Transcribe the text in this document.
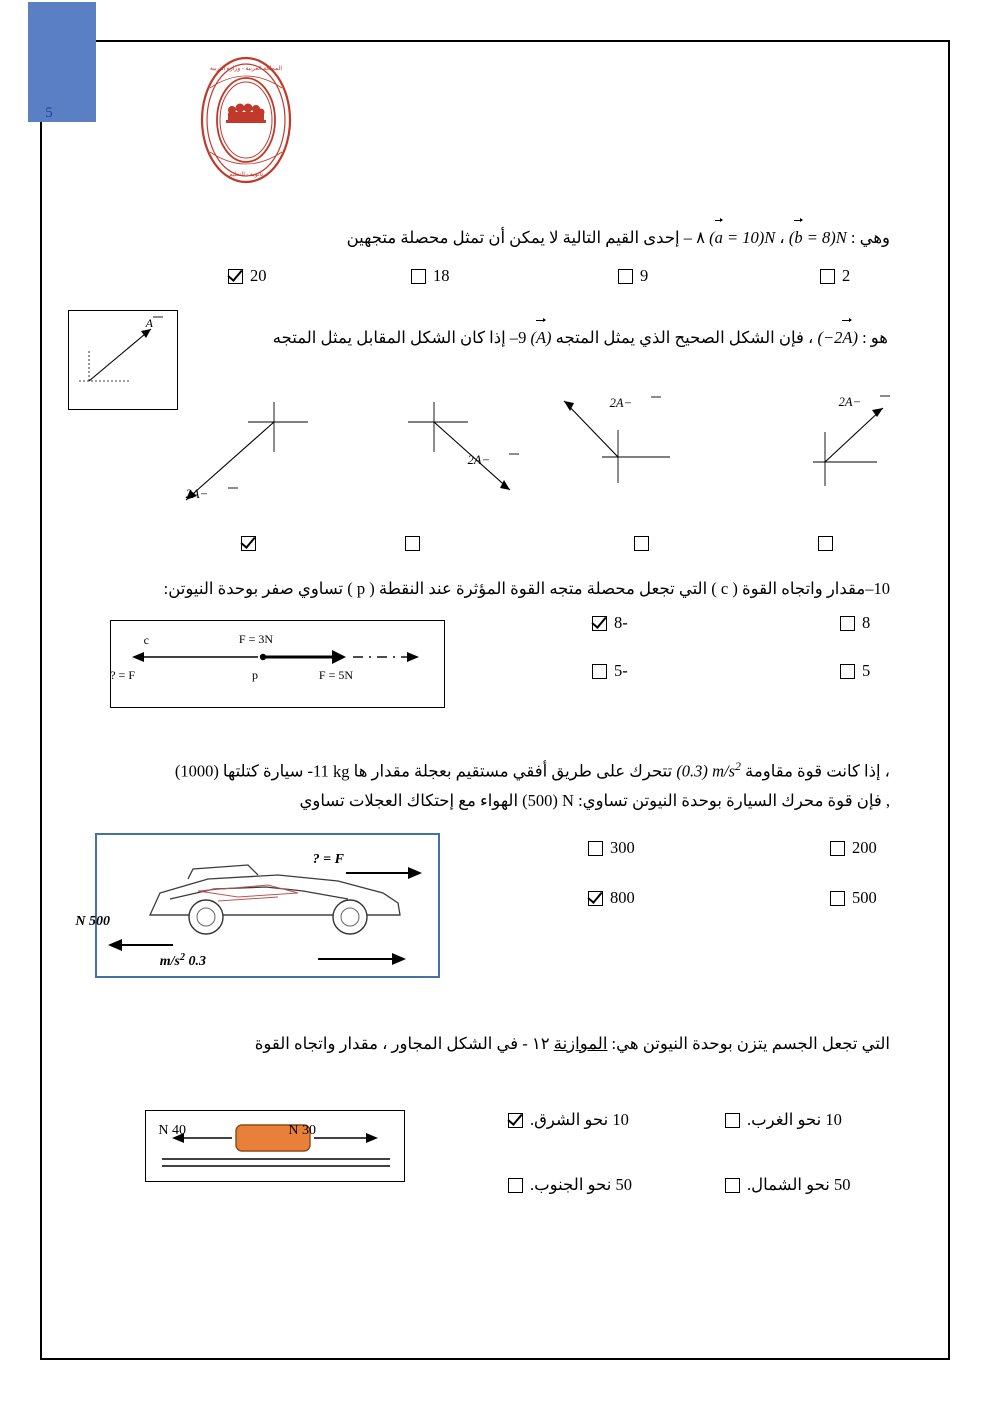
5
المملكة العربية - وزارة التربية
ثانوية - التعليم
وهي : (b = 8)N ، (a = 10)N ٨ – إحدى القيم التالية لا يمكن أن تمثل محصلة متجهين
2
9
18
20
هو : (−2A) ، فإن الشكل الصحيح الذي يمثل المتجه (A) 9– إذا كان الشكل المقابل يمثل المتجه
A
−2A
−2A
−2A
−2A
10–مقدار واتجاه القوة ( c ) التي تجعل محصلة متجه القوة المؤثرة عند النقطة ( p ) تساوي صفر بوحدة النيوتن:
c
F = ?
F = 3N
F = 5N
p
8
-8
5
-5
، إذا كانت قوة مقاومة (0.3) $m/s^2$ تتحرك على طريق أفقي مستقيم بعجلة مقدار ها kg 11- سيارة كتلتها (1000)
, فإن قوة محرك السيارة بوحدة النيوتن تساوي: (500) N الهواء مع إحتكاك العجلات تساوي
F = ?
500 N
0.3 $m/s^2$
200
300
500
800
التي تجعل الجسم يتزن بوحدة النيوتن هي: الموازنة ١٢ - في الشكل المجاور ، مقدار واتجاه القوة
40 N	30 N
10 نحو الغرب.
10 نحو الشرق.
50 نحو الشمال.
50 نحو الجنوب.
